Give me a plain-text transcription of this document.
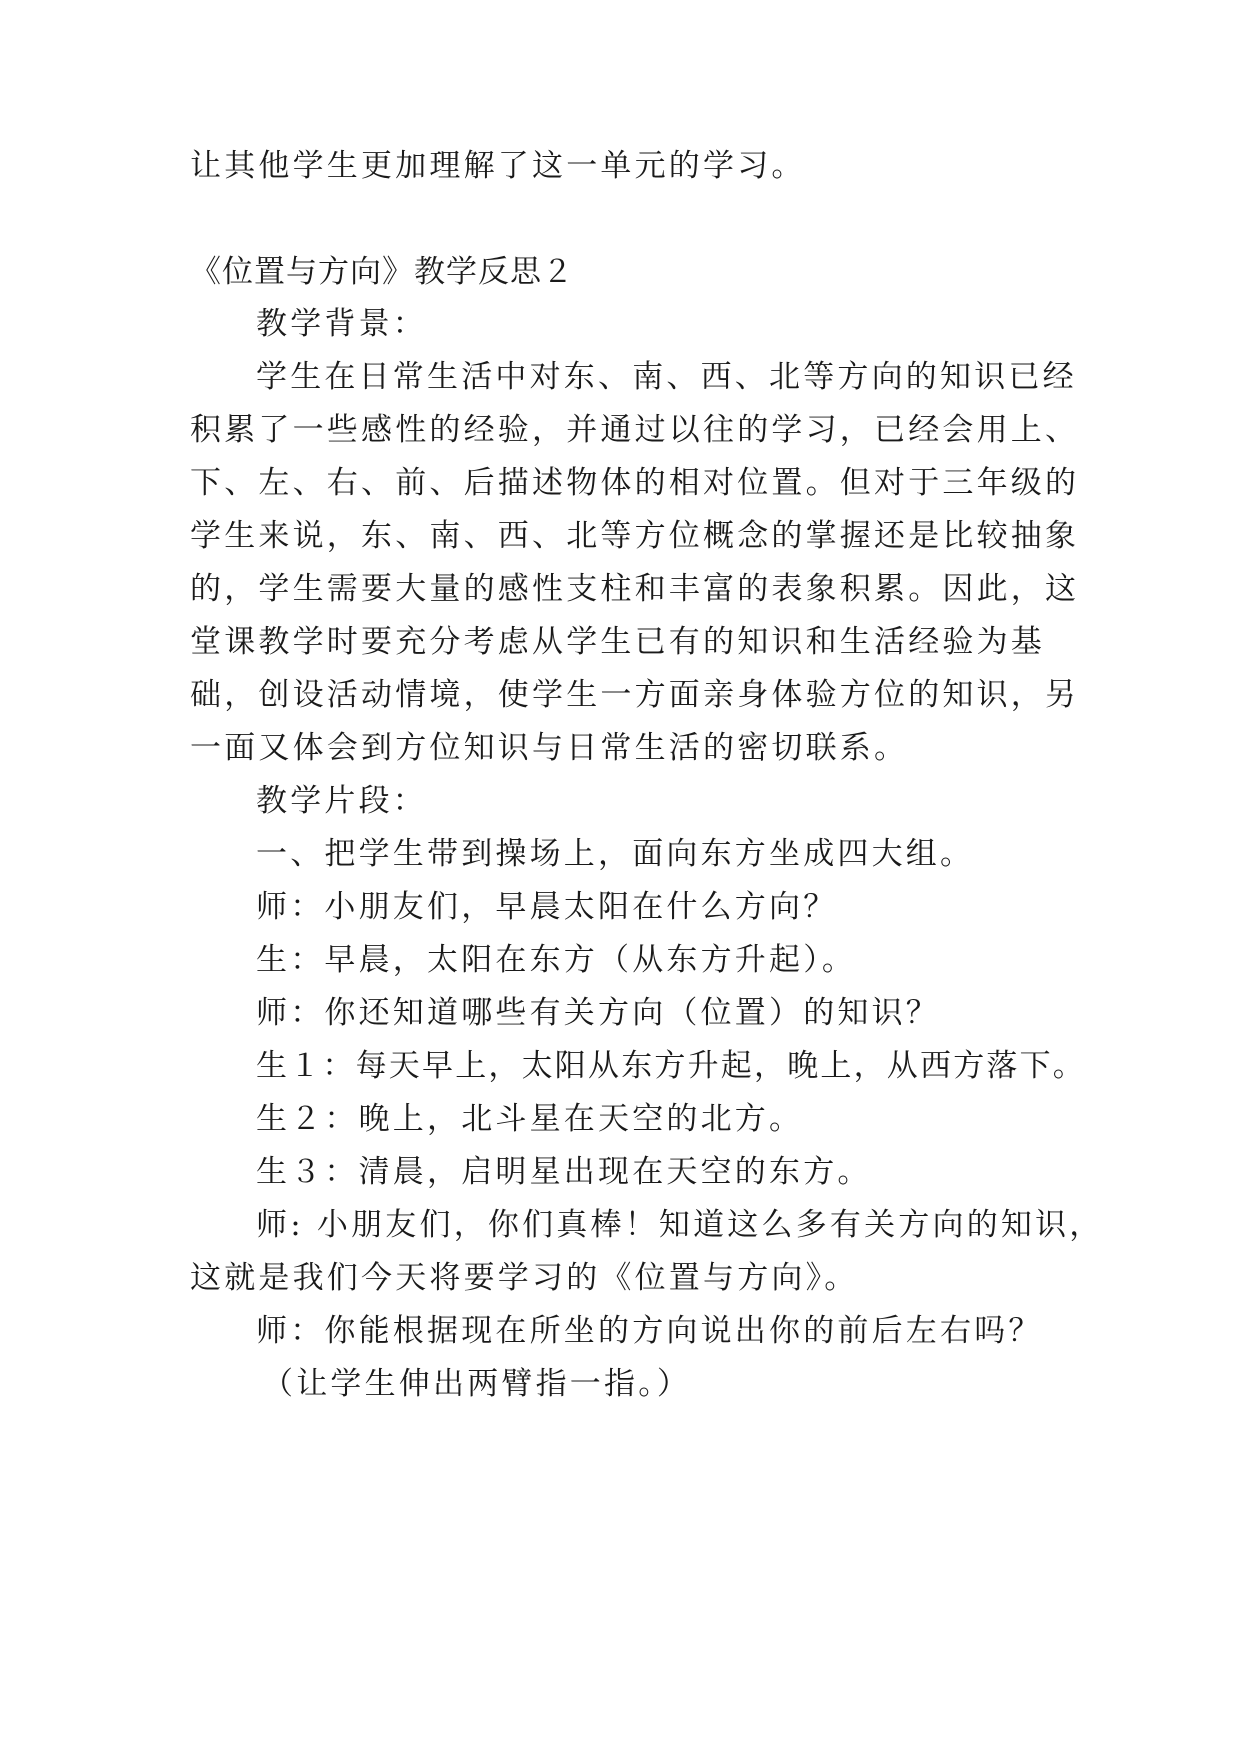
让其他学生更加理解了这一单元的学习。
《位置与方向》教学反思２
教学背景：
学生在日常生活中对东、南、西、北等方向的知识已经
积累了一些感性的经验，并通过以往的学习，已经会用上、
下、左、右、前、后描述物体的相对位置。但对于三年级的
学生来说，东、南、西、北等方位概念的掌握还是比较抽象
的，学生需要大量的感性支柱和丰富的表象积累。因此，这
堂课教学时要充分考虑从学生已有的知识和生活经验为基
础，创设活动情境，使学生一方面亲身体验方位的知识，另
一面又体会到方位知识与日常生活的密切联系。
教学片段：
一、把学生带到操场上，面向东方坐成四大组。
师：小朋友们，早晨太阳在什么方向？
生：早晨，太阳在东方（从东方升起）。
师：你还知道哪些有关方向（位置）的知识？
生１：每天早上，太阳从东方升起，晚上，从西方落下。
生２：晚上，北斗星在天空的北方。
生３：清晨，启明星出现在天空的东方。
师: 小朋友们，你们真棒！知道这么多有关方向的知识，
这就是我们今天将要学习的《位置与方向》。
师：你能根据现在所坐的方向说出你的前后左右吗？
（让学生伸出两臂指一指。）
